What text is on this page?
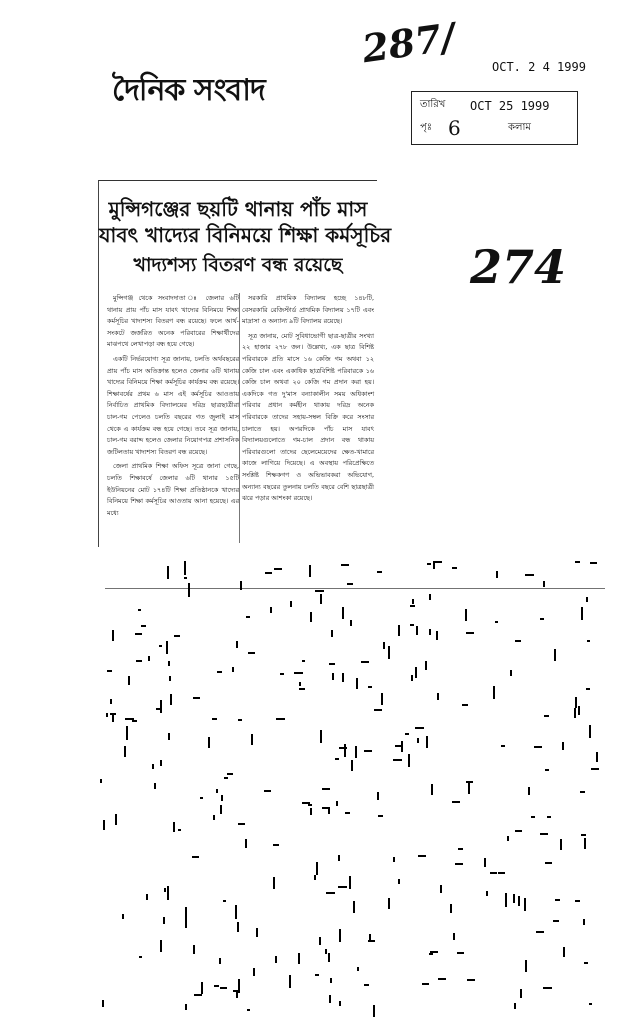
দৈনিক সংবাদ
287/
274
OCT. 2 4 1999
তারিখ OCT 25 1999
পৃঃ 6	কলাম
মুন্সিগঞ্জের ছয়টি থানায় পাঁচ মাস
যাবৎ খাদ্যের বিনিময়ে শিক্ষা কর্মসূচির
খাদ্যশস্য বিতরণ বন্ধ রয়েছে

মুন্সিগঞ্জ থেকে সংবাদদাতা ঃ জেলার ৬টি থানায় প্রায় পাঁচ মাস যাবৎ খাদ্যের বিনিময়ে শিক্ষা কর্মসূচির খাদ্যশস্য বিতরণ বন্ধ রয়েছে। ফলে আর্থ-সংকটে জর্জরিত অনেক পরিবারের শিক্ষার্থীদের মাঝপথে লেখাপড়া বন্ধ হয়ে গেছে।

একটি নির্ভরযোগ্য সূত্র জানায়, চলতি অর্থবছরের প্রায় পাঁচ মাস অতিক্রান্ত হলেও জেলার ৬টি থানায় খাদ্যের বিনিময়ে শিক্ষা কর্মসূচির কার্যক্রম বন্ধ রয়েছে। শিক্ষাবর্ষের প্রথম ৬ মাস এই কর্মসূচির আওতায় নির্বাচিত প্রাথমিক বিদ্যালয়ের দরিদ্র ছাত্রছাত্রীরা চাল-গম পেলেও চলতি বছরের গত জুলাই মাস থেকে এ কার্যক্রম বন্ধ হয়ে গেছে। তবে সূত্র জানায়, চাল-গম বরাদ্দ হলেও জেলার নিয়োগপত্র প্রশাসনিক জটিলতায় খাদ্যশস্য বিতরণ বন্ধ রয়েছে।

জেলা প্রাথমিক শিক্ষা অফিস সূত্রে জানা গেছে, চলতি শিক্ষাবর্ষে জেলার ৬টি থানার ১৫টি ইউনিয়নের মোট ১৭৪টি শিক্ষা প্রতিষ্ঠানকে খাদ্যের বিনিময়ে শিক্ষা কর্মসূচির আওতায় আনা হয়েছে। এর মধ্যে

সরকারি প্রাথমিক বিদ্যালয় হচ্ছে ১৪৮টি, বেসরকারি রেজিস্টার্ড প্রাথমিক বিদ্যালয় ১৭টি এবং মাদ্রাসা ও অন্যান্য ৯টি বিদ্যালয় রয়েছে।

সূত্র জানায়, মোট সুবিধাভোগী ছাত্র-ছাত্রীর সংখ্যা ২২ হাজার ২৭৮ জন। উল্লেখ্য, এক ছাত্র বিশিষ্ট পরিবারকে প্রতি মাসে ১৬ কেজি গম অথবা ১২ কেজি চাল এবং একাধিক ছাত্রবিশিষ্ট পরিবারকে ১৬ কেজি চাল অথবা ২০ কেজি গম প্রদান করা হয়। একদিকে গত দু'মাস বন্যাকালীন সময় অধিকাংশ পরিবার প্রধান কর্মহীন থাকায় দরিদ্র অনেক পরিবারকে তাদের সহায়-সম্বল বিক্রি করে সংসার চালাতে হয়। অপরদিকে পাঁচ মাস যাবৎ বিদ্যালয়গুলোতে গম-চাল প্রদান বন্ধ থাকায় পরিবারগুলো তাদের ছেলেমেয়েদের ক্ষেত-খামারে কাজে লাগিয়ে দিয়েছে। এ অবস্থায় পরিপ্রেক্ষিতে সংশ্লিষ্ট শিক্ষকগণ ও অভিভাবকরা অভিযোগ, অন্যান্য বছরের তুলনায় চলতি বছরে বেশি ছাত্রছাত্রী ঝরে পড়ার আশংকা রয়েছে।
